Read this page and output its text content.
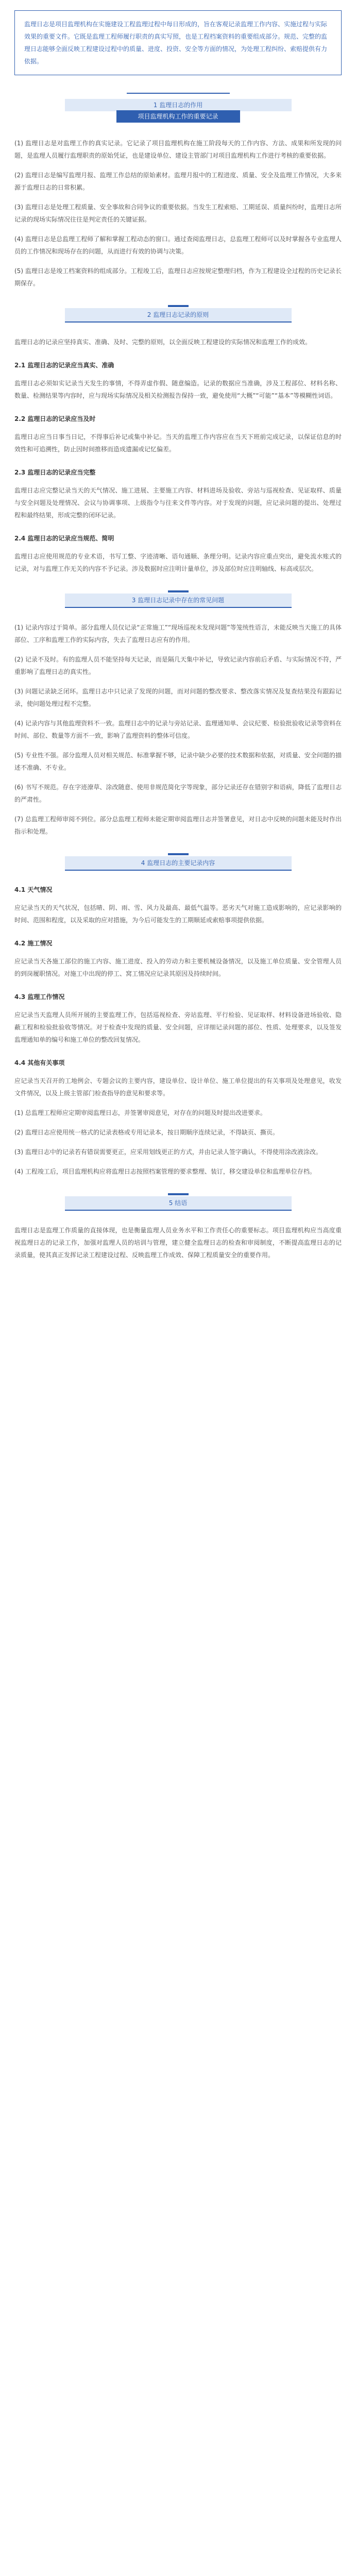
监理日志是项目监理机构在实施建设工程监理过程中每日形成的，旨在客观记录监理工作内容、实施过程与实际效果的重要文件。它既是监理工程师履行职责的真实写照，也是工程档案资料的重要组成部分。规范、完整的监理日志能够全面反映工程建设过程中的质量、进度、投资、安全等方面的情况，为处理工程纠纷、索赔提供有力依据。
1 监理日志的作用
项目监理机构工作的重要记录

(1) 监理日志是对监理工作的真实记录。它记录了项目监理机构在施工阶段每天的工作内容、方法、成果和所发现的问题，是监理人员履行监理职责的原始凭证，也是建设单位、建设主管部门对项目监理机构工作进行考核的重要依据。

(2) 监理日志是编写监理月报、监理工作总结的原始素材。监理月报中的工程进度、质量、安全及监理工作情况，大多来源于监理日志的日常积累。

(3) 监理日志是处理工程质量、安全事故和合同争议的重要依据。当发生工程索赔、工期延误、质量纠纷时，监理日志所记录的现场实际情况往往是判定责任的关键证据。

(4) 监理日志是总监理工程师了解和掌握工程动态的窗口。通过查阅监理日志，总监理工程师可以及时掌握各专业监理人员的工作情况和现场存在的问题，从而进行有效的协调与决策。

(5) 监理日志是竣工档案资料的组成部分。工程竣工后，监理日志应按规定整理归档，作为工程建设全过程的历史记录长期保存。

2 监理日志记录的原则

监理日志的记录应坚持真实、准确、及时、完整的原则，以全面反映工程建设的实际情况和监理工作的成效。

2.1 监理日志的记录应当真实、准确

监理日志必须如实记录当天发生的事情，不得弄虚作假、随意编造。记录的数据应当准确，涉及工程部位、材料名称、数量、检测结果等内容时，应与现场实际情况及相关检测报告保持一致，避免使用“大概”“可能”“基本”等模糊性词语。

2.2 监理日志的记录应当及时

监理日志应当日事当日记，不得事后补记或集中补记。当天的监理工作内容应在当天下班前完成记录，以保证信息的时效性和可追溯性，防止因时间推移而造成遗漏或记忆偏差。

2.3 监理日志的记录应当完整

监理日志应完整记录当天的天气情况、施工进展、主要施工内容、材料进场及验收、旁站与巡视检查、见证取样、质量与安全问题及处理情况、会议与协调事项、上级指令与往来文件等内容。对于发现的问题，应记录问题的提出、处理过程和最终结果，形成完整的闭环记录。

2.4 监理日志的记录应当规范、简明

监理日志应使用规范的专业术语，书写工整、字迹清晰、语句通顺、条理分明。记录内容应重点突出，避免流水账式的记录，对与监理工作无关的内容不予记录。涉及数据时应注明计量单位，涉及部位时应注明轴线、标高或层次。

3 监理日志记录中存在的常见问题

(1) 记录内容过于简单。部分监理人员仅记录“正常施工”“现场巡视未发现问题”等笼统性语言，未能反映当天施工的具体部位、工序和监理工作的实际内容，失去了监理日志应有的作用。

(2) 记录不及时。有的监理人员不能坚持每天记录，而是隔几天集中补记，导致记录内容前后矛盾、与实际情况不符，严重影响了监理日志的真实性。

(3) 问题记录缺乏闭环。监理日志中只记录了发现的问题，而对问题的整改要求、整改落实情况及复查结果没有跟踪记录，使问题处理过程不完整。

(4) 记录内容与其他监理资料不一致。监理日志中的记录与旁站记录、监理通知单、会议纪要、检验批验收记录等资料在时间、部位、数量等方面不一致，影响了监理资料的整体可信度。

(5) 专业性不强。部分监理人员对相关规范、标准掌握不够，记录中缺少必要的技术数据和依据，对质量、安全问题的描述不准确、不专业。

(6) 书写不规范。存在字迹潦草、涂改随意、使用非规范简化字等现象，部分记录还存在错别字和语病，降低了监理日志的严肃性。

(7) 总监理工程师审阅不到位。部分总监理工程师未能定期审阅监理日志并签署意见，对日志中反映的问题未能及时作出指示和处理。

4 监理日志的主要记录内容
4.1 天气情况

应记录当天的天气状况，包括晴、阴、雨、雪、风力及最高、最低气温等。恶劣天气对施工造成影响的，应记录影响的时间、范围和程度，以及采取的应对措施，为今后可能发生的工期顺延或索赔事项提供依据。

4.2 施工情况

应记录当天各施工部位的施工内容、施工进度、投入的劳动力和主要机械设备情况，以及施工单位质量、安全管理人员的到岗履职情况。对施工中出现的停工、窝工情况应记录其原因及持续时间。

4.3 监理工作情况

应记录当天监理人员所开展的主要监理工作，包括巡视检查、旁站监理、平行检验、见证取样、材料设备进场验收、隐蔽工程和检验批验收等情况。对于检查中发现的质量、安全问题，应详细记录问题的部位、性质、处理要求，以及签发监理通知单的编号和施工单位的整改回复情况。

4.4 其他有关事项

应记录当天召开的工地例会、专题会议的主要内容，建设单位、设计单位、施工单位提出的有关事项及处理意见，收发文件情况，以及上级主管部门检查指导的意见和要求等。

(1) 总监理工程师应定期审阅监理日志，并签署审阅意见，对存在的问题及时提出改进要求。

(2) 监理日志应使用统一格式的记录表格或专用记录本，按日期顺序连续记录，不得缺页、撕页。

(3) 监理日志中的记录若有错误需要更正，应采用划线更正的方式，并由记录人签字确认，不得使用涂改液涂改。

(4) 工程竣工后，项目监理机构应将监理日志按照档案管理的要求整理、装订，移交建设单位和监理单位存档。

5 结语

监理日志是监理工作质量的直接体现，也是衡量监理人员业务水平和工作责任心的重要标志。项目监理机构应当高度重视监理日志的记录工作，加强对监理人员的培训与管理，建立健全监理日志的检查和审阅制度，不断提高监理日志的记录质量，使其真正发挥记录工程建设过程、反映监理工作成效、保障工程质量安全的重要作用。
